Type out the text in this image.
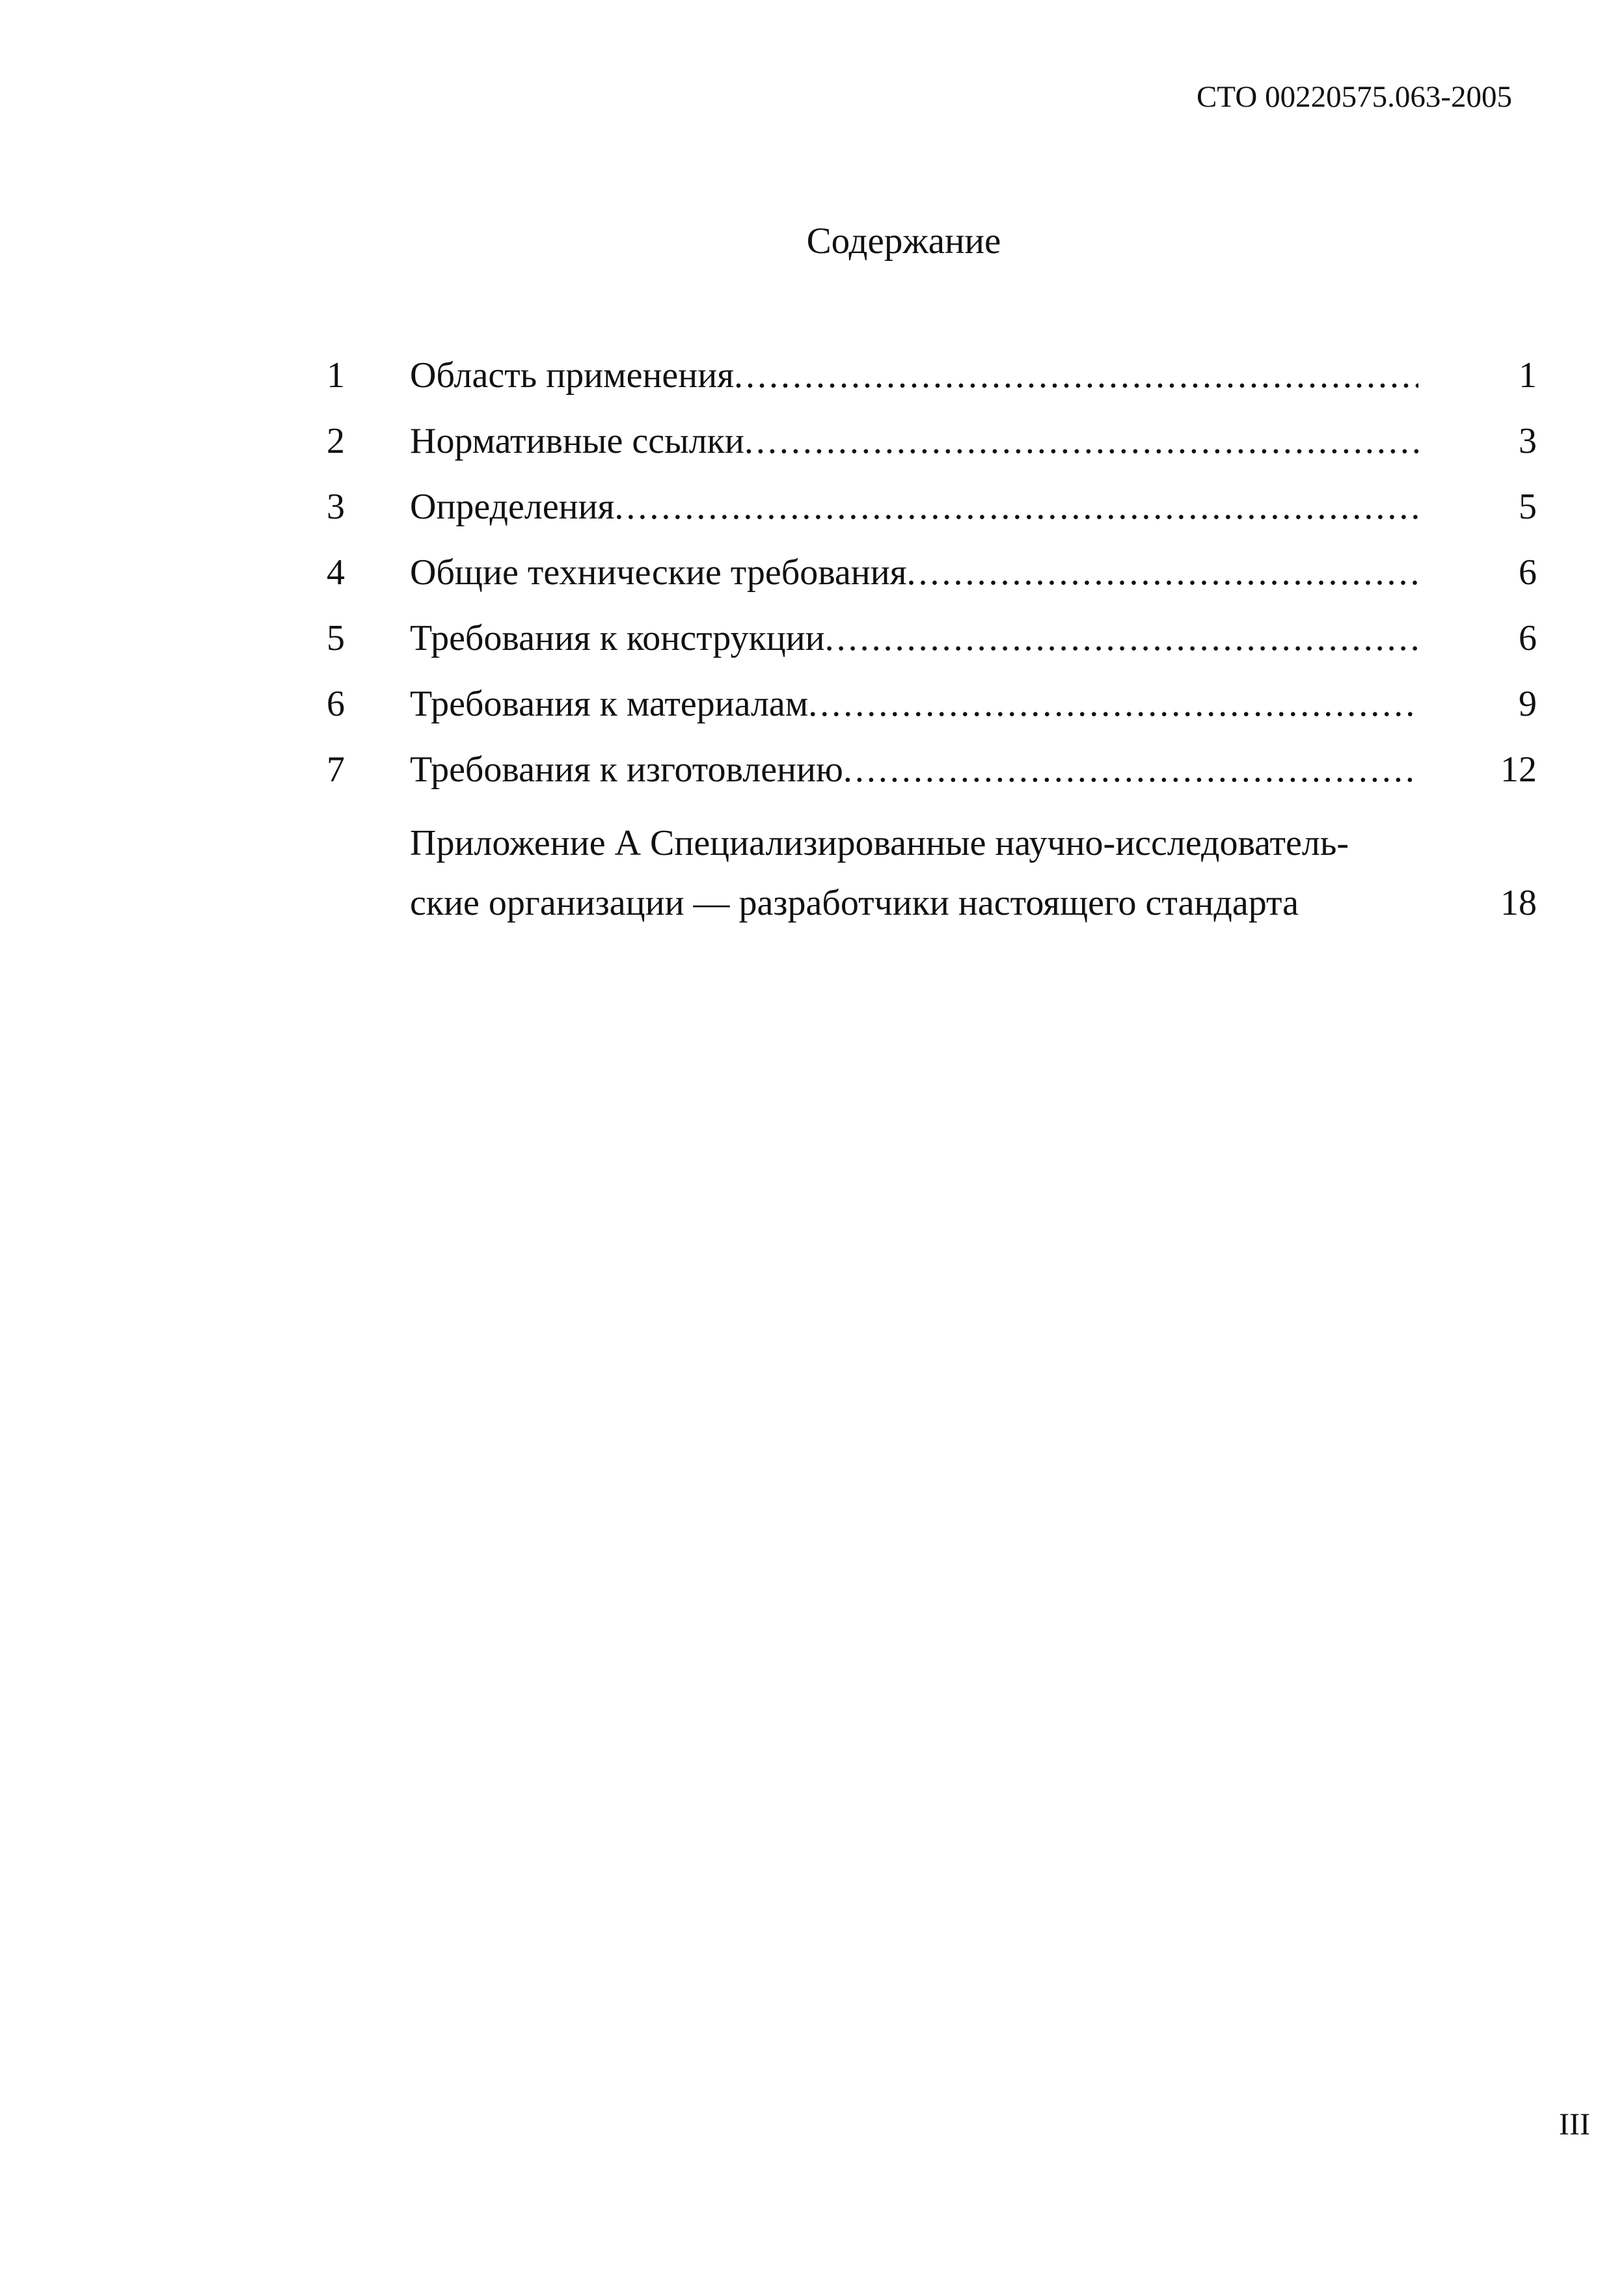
СТО 00220575.063-2005
Содержание
1 Область применения .....	1
2 Нормативные ссылки .....	3
3 Определения .....	5
4 Общие технические требования .....	6
5 Требования к конструкции .....	6
6 Требования к материалам .....	9
7 Требования к изготовлению .....	12
Приложение А Специализированные научно-исследователь-
ские организации — разработчики настоящего стандарта	18
III
